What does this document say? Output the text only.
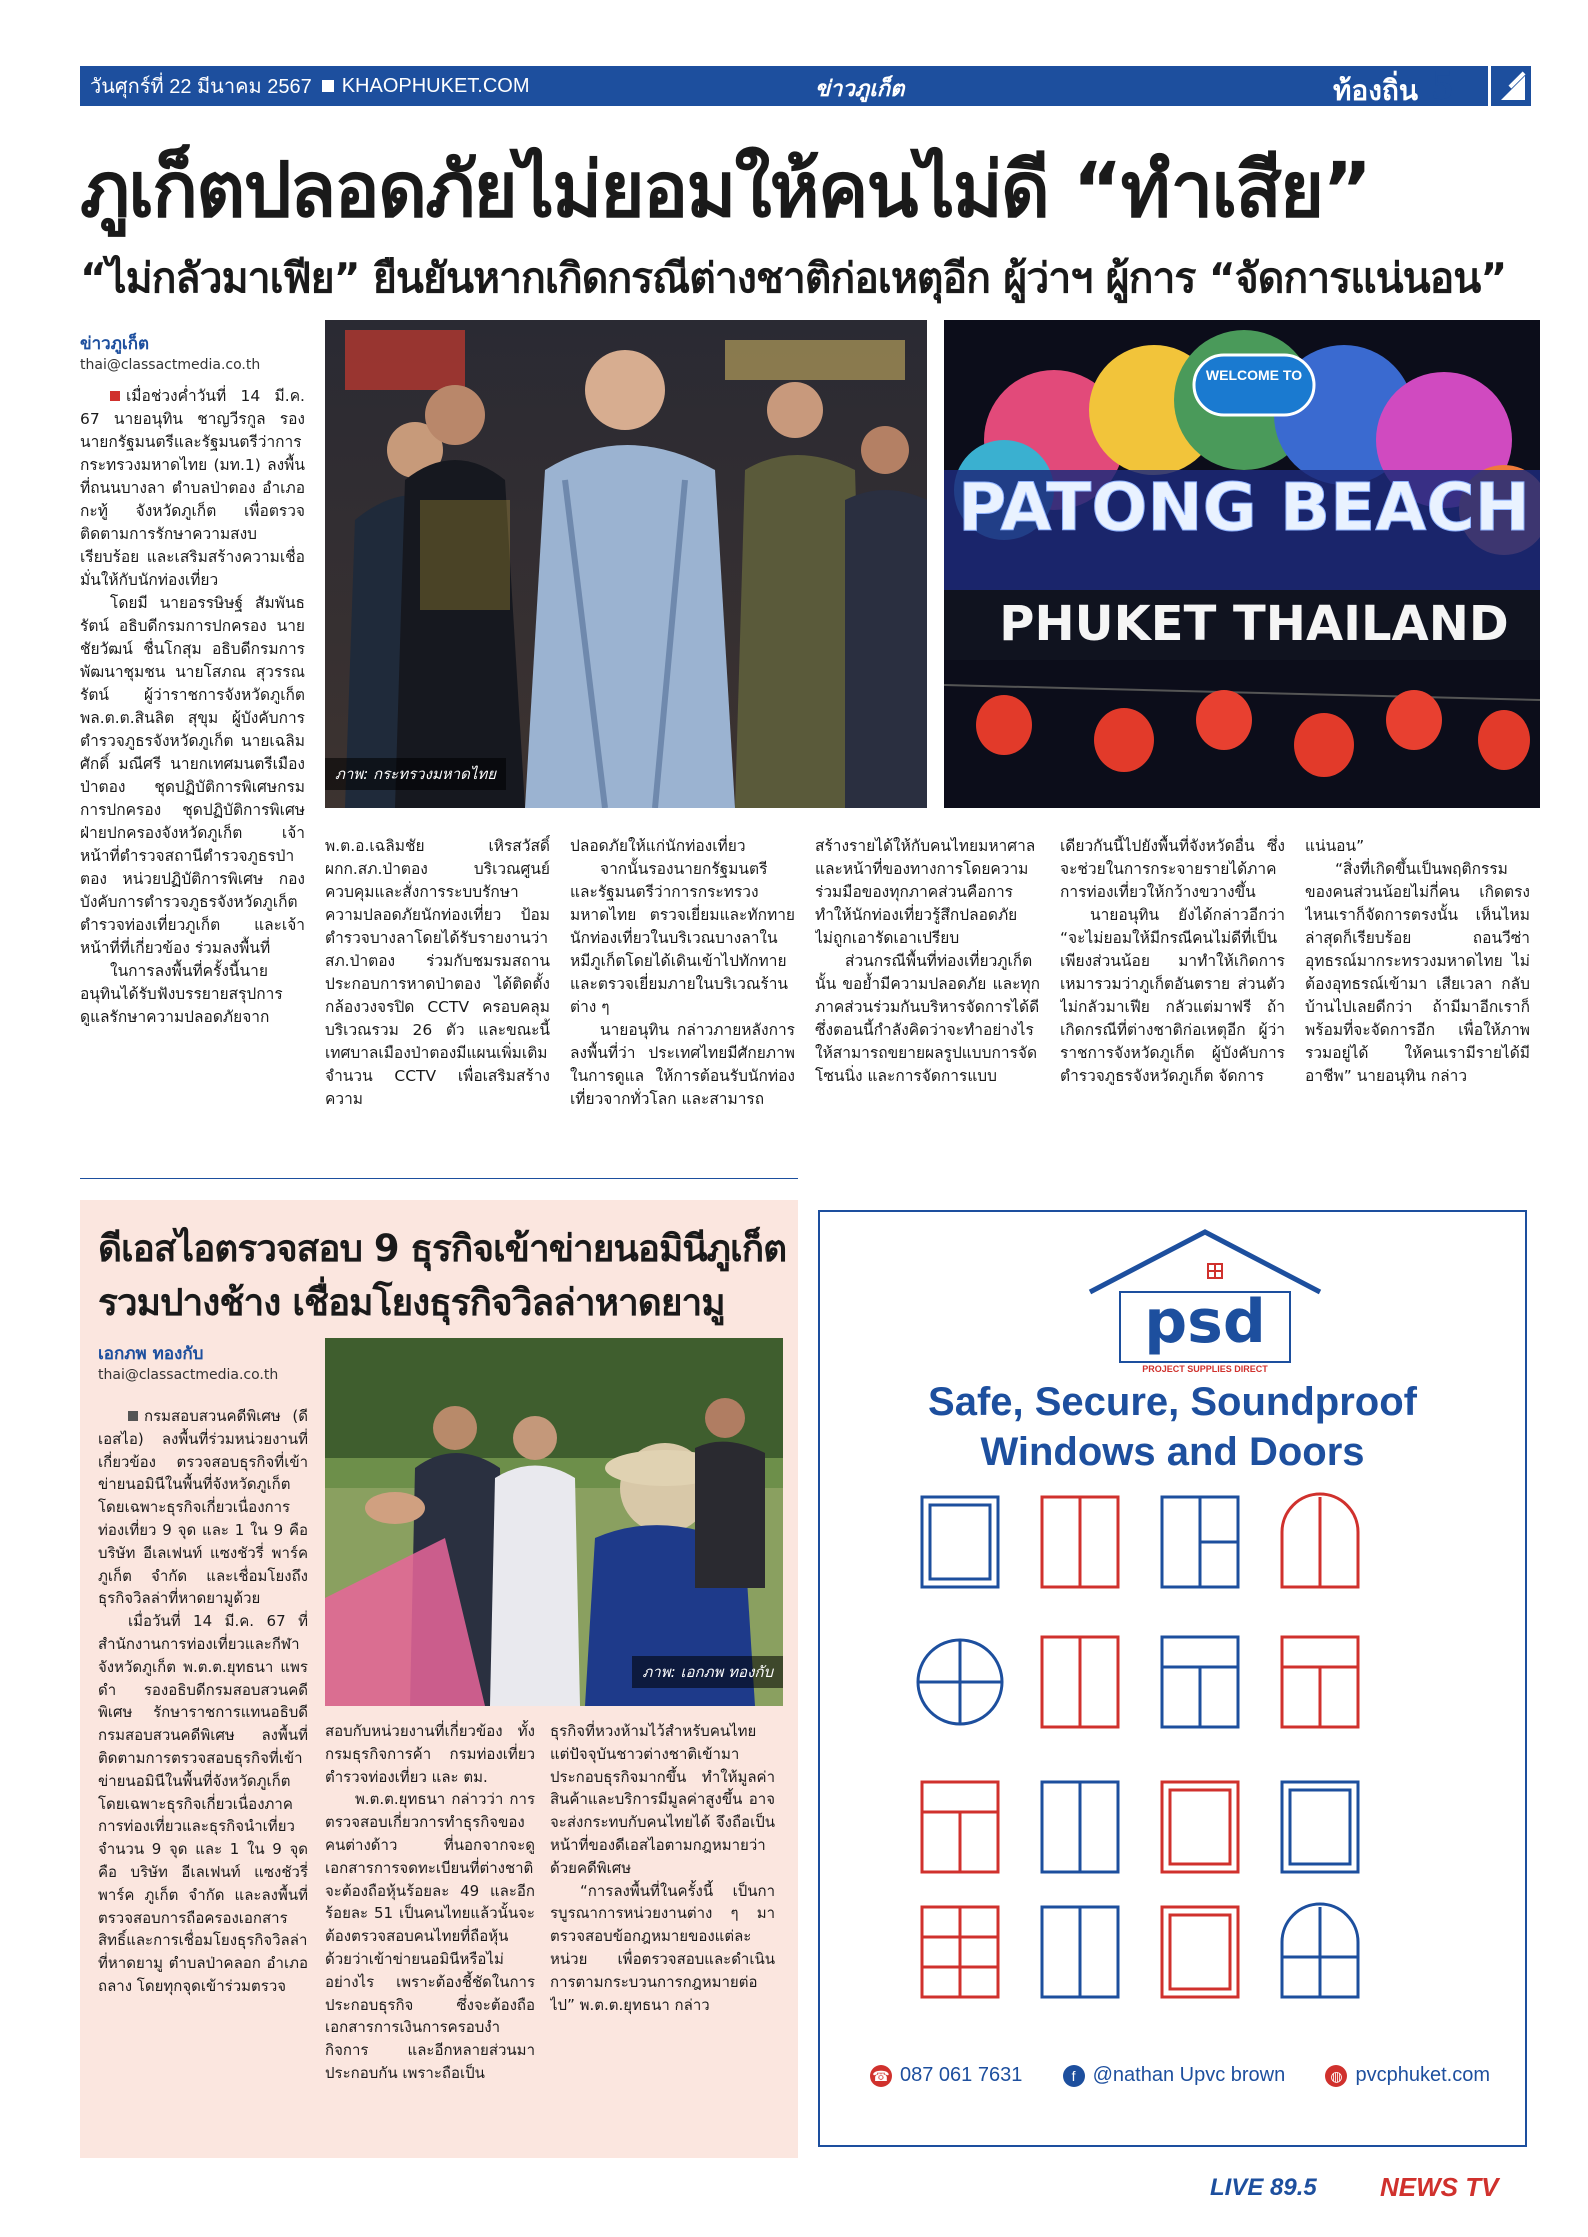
วันศุกร์ที่ 22 มีนาคม 2567 KHAOPHUKET.COM	ข่าวภูเก็ต	ท้องถิ่น 5
ภูเก็ตปลอดภัยไม่ยอมให้คนไม่ดี “ทำเสีย”
“ไม่กลัวมาเฟีย” ยืนยันหากเกิดกรณีต่างชาติก่อเหตุอีก ผู้ว่าฯ ผู้การ “จัดการแน่นอน”
ข่าวภูเก็ต
thai@classactmedia.co.th
ภาพ: กระทรวงมหาดไทย
WELCOME TO
PATONG BEACH
PHUKET THAILAND

เมื่อช่วงค่ำวันที่ 14 มี.ค. 67 นายอนุทิน ชาญวีรกูล รองนายกรัฐมนตรีและรัฐมนตรีว่าการกระทรวงมหาดไทย (มท.1) ลงพื้นที่ถนนบางลา ตำบลป่าตอง อำเภอกะทู้ จังหวัดภูเก็ต เพื่อตรวจติดตามการรักษาความสงบเรียบร้อย และเสริมสร้างความเชื่อมั่นให้กับนักท่องเที่ยว

โดยมี นายอรรษิษฐ์ สัมพันธรัตน์ อธิบดีกรมการปกครอง นายชัยวัฒน์ ชื่นโกสุม อธิบดีกรมการพัฒนาชุมชน นายโสภณ สุวรรณรัตน์ ผู้ว่าราชการจังหวัดภูเก็ต พล.ต.ต.สินลิต สุขุม ผู้บังคับการตำรวจภูธรจังหวัดภูเก็ต นายเฉลิมศักดิ์ มณีศรี นายกเทศมนตรีเมืองป่าตอง ชุดปฏิบัติการพิเศษกรมการปกครอง ชุดปฏิบัติการพิเศษฝ่ายปกครองจังหวัดภูเก็ต เจ้าหน้าที่ตำรวจสถานีตำรวจภูธรป่าตอง หน่วยปฏิบัติการพิเศษ กองบังคับการตำรวจภูธรจังหวัดภูเก็ต ตำรวจท่องเที่ยวภูเก็ต และเจ้าหน้าที่ที่เกี่ยวข้อง ร่วมลงพื้นที่

ในการลงพื้นที่ครั้งนี้นายอนุทินได้รับฟังบรรยายสรุปการดูแลรักษาความปลอดภัยจาก

พ.ต.อ.เฉลิมชัย เหิรสวัสดิ์ ผกก.สภ.ป่าตอง บริเวณศูนย์ควบคุมและสั่งการระบบรักษาความปลอดภัยนักท่องเที่ยว ป้อมตำรวจบางลาโดยได้รับรายงานว่า สภ.ป่าตอง ร่วมกับชมรมสถานประกอบการหาดป่าตอง ได้ติดตั้งกล้องวงจรปิด CCTV ครอบคลุมบริเวณรวม 26 ตัว และขณะนี้เทศบาลเมืองป่าตองมีแผนเพิ่มเติมจำนวน CCTV เพื่อเสริมสร้างความ

ปลอดภัยให้แก่นักท่องเที่ยว

จากนั้นรองนายกรัฐมนตรีและรัฐมนตรีว่าการกระทรวงมหาดไทย ตรวจเยี่ยมและทักทายนักท่องเที่ยวในบริเวณบางลาในหมีภูเก็ตโดยได้เดินเข้าไปทักทายและตรวจเยี่ยมภายในบริเวณร้านต่าง ๆ

นายอนุทิน กล่าวภายหลังการลงพื้นที่ว่า ประเทศไทยมีศักยภาพในการดูแล ให้การต้อนรับนักท่องเที่ยวจากทั่วโลก และสามารถ

สร้างรายได้ให้กับคนไทยมหาศาล และหน้าที่ของทางการโดยความร่วมมือของทุกภาคส่วนคือการทำให้นักท่องเที่ยวรู้สึกปลอดภัย ไม่ถูกเอารัดเอาเปรียบ

ส่วนกรณีพื้นที่ท่องเที่ยวภูเก็ตนั้น ขอย้ำมีความปลอดภัย และทุกภาคส่วนร่วมกันบริหารจัดการได้ดี ซึ่งตอนนี้กำลังคิดว่าจะทำอย่างไรให้สามารถขยายผลรูปแบบการจัดโซนนิ่ง และการจัดการแบบ

เดียวกันนี้ไปยังพื้นที่จังหวัดอื่น ซึ่งจะช่วยในการกระจายรายได้ภาคการท่องเที่ยวให้กว้างขวางขึ้น

นายอนุทิน ยังได้กล่าวอีกว่า “จะไม่ยอมให้มีกรณีคนไม่ดีที่เป็นเพียงส่วนน้อย มาทำให้เกิดการเหมารวมว่าภูเก็ตอันตราย ส่วนตัวไม่กลัวมาเฟีย กลัวแต่มาฟรี ถ้าเกิดกรณีที่ต่างชาติก่อเหตุอีก ผู้ว่าราชการจังหวัดภูเก็ต ผู้บังคับการตำรวจภูธรจังหวัดภูเก็ต จัดการ

แน่นอน”

“สิ่งที่เกิดขึ้นเป็นพฤติกรรมของคนส่วนน้อยไม่กี่คน เกิดตรงไหนเราก็จัดการตรงนั้น เห็นไหมล่าสุดก็เรียบร้อย ถอนวีซ่า อุทธรณ์มากระทรวงมหาดไทย ไม่ต้องอุทธรณ์เข้ามา เสียเวลา กลับบ้านไปเลยดีกว่า ถ้ามีมาอีกเราก็พร้อมที่จะจัดการอีก เพื่อให้ภาพรวมอยู่ได้ ให้คนเรามีรายได้มีอาชีพ” นายอนุทิน กล่าว

ดีเอสไอตรวจสอบ 9 ธุรกิจเข้าข่ายนอมินีภูเก็ต รวมปางช้าง เชื่อมโยงธุรกิจวิลล่าหาดยามู
เอกภพ ทองกับ
thai@classactmedia.co.th
ภาพ: เอกภพ ทองกับ

กรมสอบสวนคดีพิเศษ (ดีเอสไอ) ลงพื้นที่ร่วมหน่วยงานที่เกี่ยวข้อง ตรวจสอบธุรกิจที่เข้าข่ายนอมินีในพื้นที่จังหวัดภูเก็ต โดยเฉพาะธุรกิจเกี่ยวเนื่องการท่องเที่ยว 9 จุด และ 1 ใน 9 คือ บริษัท อีเลเฟนท์ แซงชัวรี่ พาร์ค ภูเก็ต จำกัด และเชื่อมโยงถึงธุรกิจวิลล่าที่หาดยามูด้วย

เมื่อวันที่ 14 มี.ค. 67 ที่สำนักงานการท่องเที่ยวและกีฬาจังหวัดภูเก็ต พ.ต.ต.ยุทธนา แพรดำ รองอธิบดีกรมสอบสวนคดีพิเศษ รักษาราชการแทนอธิบดีกรมสอบสวนคดีพิเศษ ลงพื้นที่ติดตามการตรวจสอบธุรกิจที่เข้าข่ายนอมินีในพื้นที่จังหวัดภูเก็ต โดยเฉพาะธุรกิจเกี่ยวเนื่องภาคการท่องเที่ยวและธุรกิจนำเที่ยว จำนวน 9 จุด และ 1 ใน 9 จุด คือ บริษัท อีเลเฟนท์ แซงชัวรี่ พาร์ค ภูเก็ต จำกัด และลงพื้นที่ตรวจสอบการถือครองเอกสารสิทธิ์และการเชื่อมโยงธุรกิจวิลล่า ที่หาดยามู ตำบลป่าคลอก อำเภอถลาง โดยทุกจุดเข้าร่วมตรวจ

สอบกับหน่วยงานที่เกี่ยวข้อง ทั้งกรมธุรกิจการค้า กรมท่องเที่ยว ตำรวจท่องเที่ยว และ ตม.

พ.ต.ต.ยุทธนา กล่าวว่า การตรวจสอบเกี่ยวการทำธุรกิจของคนต่างด้าว ที่นอกจากจะดูเอกสารการจดทะเบียนที่ต่างชาติจะต้องถือหุ้นร้อยละ 49 และอีกร้อยละ 51 เป็นคนไทยแล้วนั้นจะต้องตรวจสอบคนไทยที่ถือหุ้นด้วยว่าเข้าข่ายนอมินีหรือไม่อย่างไร เพราะต้องชี้ชัดในการประกอบธุรกิจ ซึ่งจะต้องถือเอกสารการเงินการครอบงำกิจการ และอีกหลายส่วนมาประกอบกัน เพราะถือเป็น

ธุรกิจที่หวงห้ามไว้สำหรับคนไทย แต่ปัจจุบันชาวต่างชาติเข้ามาประกอบธุรกิจมากขึ้น ทำให้มูลค่าสินค้าและบริการมีมูลค่าสูงขึ้น อาจจะส่งกระทบกับคนไทยได้ จึงถือเป็นหน้าที่ของดีเอสไอตามกฎหมายว่าด้วยคดีพิเศษ

“การลงพื้นที่ในครั้งนี้ เป็นการบูรณาการหน่วยงานต่าง ๆ มาตรวจสอบข้อกฎหมายของแต่ละหน่วย เพื่อตรวจสอบและดำเนินการตามกระบวนการกฎหมายต่อไป” พ.ต.ต.ยุทธนา กล่าว

psd
PROJECT SUPPLIES DIRECT
Safe, Secure, Soundproof
Windows and Doors
☎ 087 061 7631	f @nathan Upvc brown	◍ pvcphuket.com
LIVE 89.5 NEWS TV
